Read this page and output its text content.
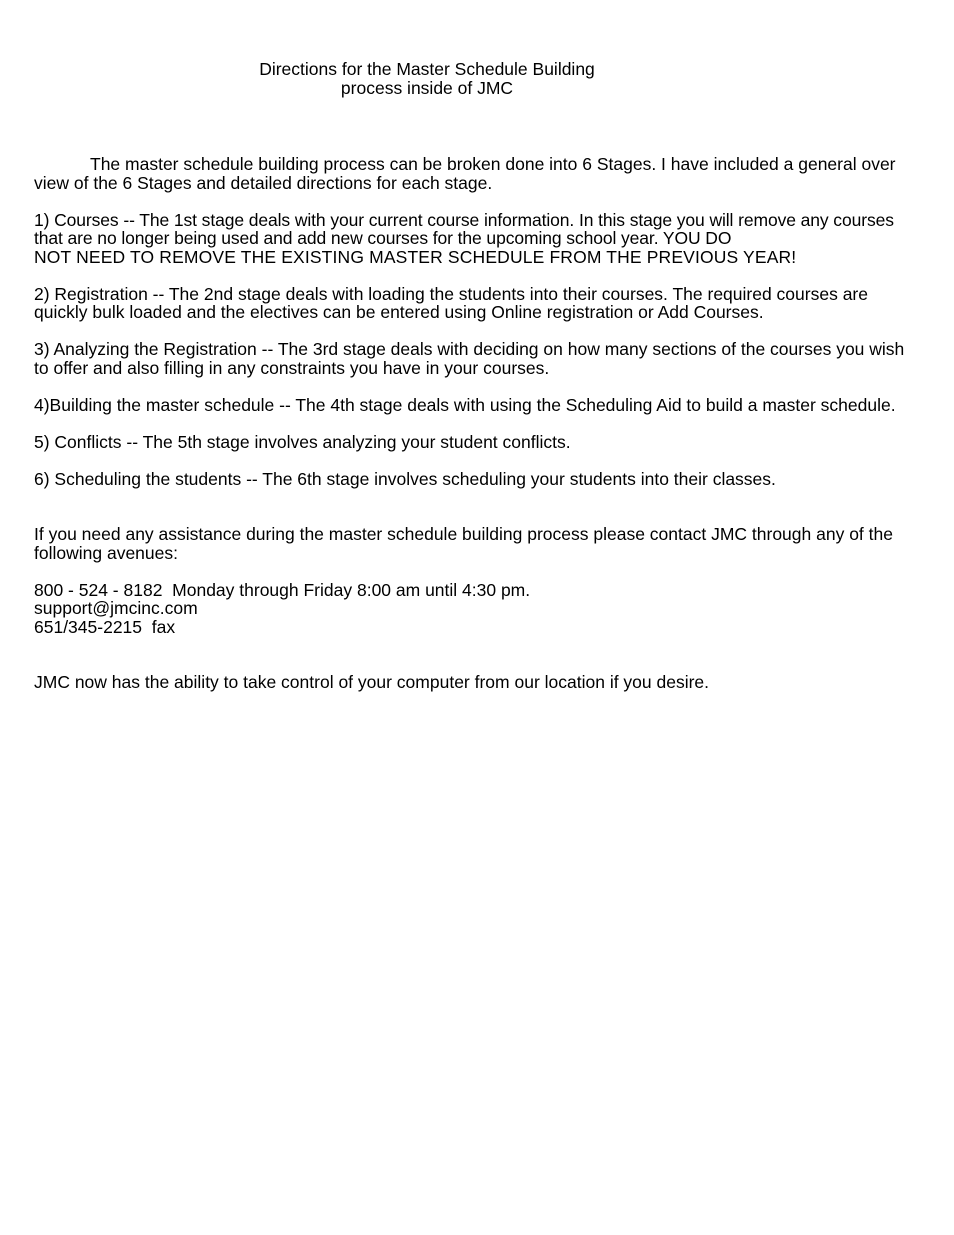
Directions for the Master Schedule Building
process inside of JMC

The master schedule building process can be broken done into 6 Stages. I have included a general over view of the 6 Stages and detailed directions for each stage.

1) Courses -- The 1st stage deals with your current course information. In this stage you will remove any courses that are no longer being used and add new courses for the upcoming school year. YOU DO
NOT NEED TO REMOVE THE EXISTING MASTER SCHEDULE FROM THE PREVIOUS YEAR!

2) Registration -- The 2nd stage deals with loading the students into their courses. The required courses are quickly bulk loaded and the electives can be entered using Online registration or Add Courses.

3) Analyzing the Registration -- The 3rd stage deals with deciding on how many sections of the courses you wish to offer and also filling in any constraints you have in your courses.

4)Building the master schedule -- The 4th stage deals with using the Scheduling Aid to build a master schedule.

5) Conflicts -- The 5th stage involves analyzing your student conflicts.

6) Scheduling the students -- The 6th stage involves scheduling your students into their classes.

If you need any assistance during the master schedule building process please contact JMC through any of the following avenues:

800 - 524 - 8182  Monday through Friday 8:00 am until 4:30 pm.
support@jmcinc.com
651/345-2215  fax

JMC now has the ability to take control of your computer from our location if you desire.
